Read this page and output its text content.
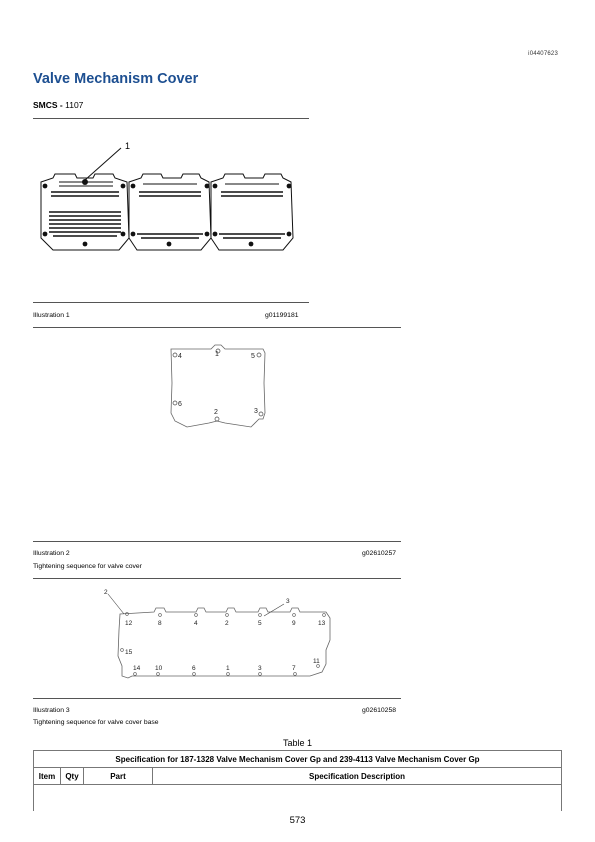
i04407623
Valve Mechanism Cover
SMCS - 1107
1
Illustration 1	g01199181
4	1	5
6
2	3
Illustration 2	g02610257
Tightening sequence for valve cover
2
3
12	8	4	2	5	9	13
15
14 10	6	1	3	7
11
Illustration 3	g02610258
Tightening sequence for valve cover base
Table 1
Specification for 187-1328 Valve Mechanism Cover Gp and 239-4113 Valve Mechanism Cover Gp
Item	Qty	Part	Specification Description

573
